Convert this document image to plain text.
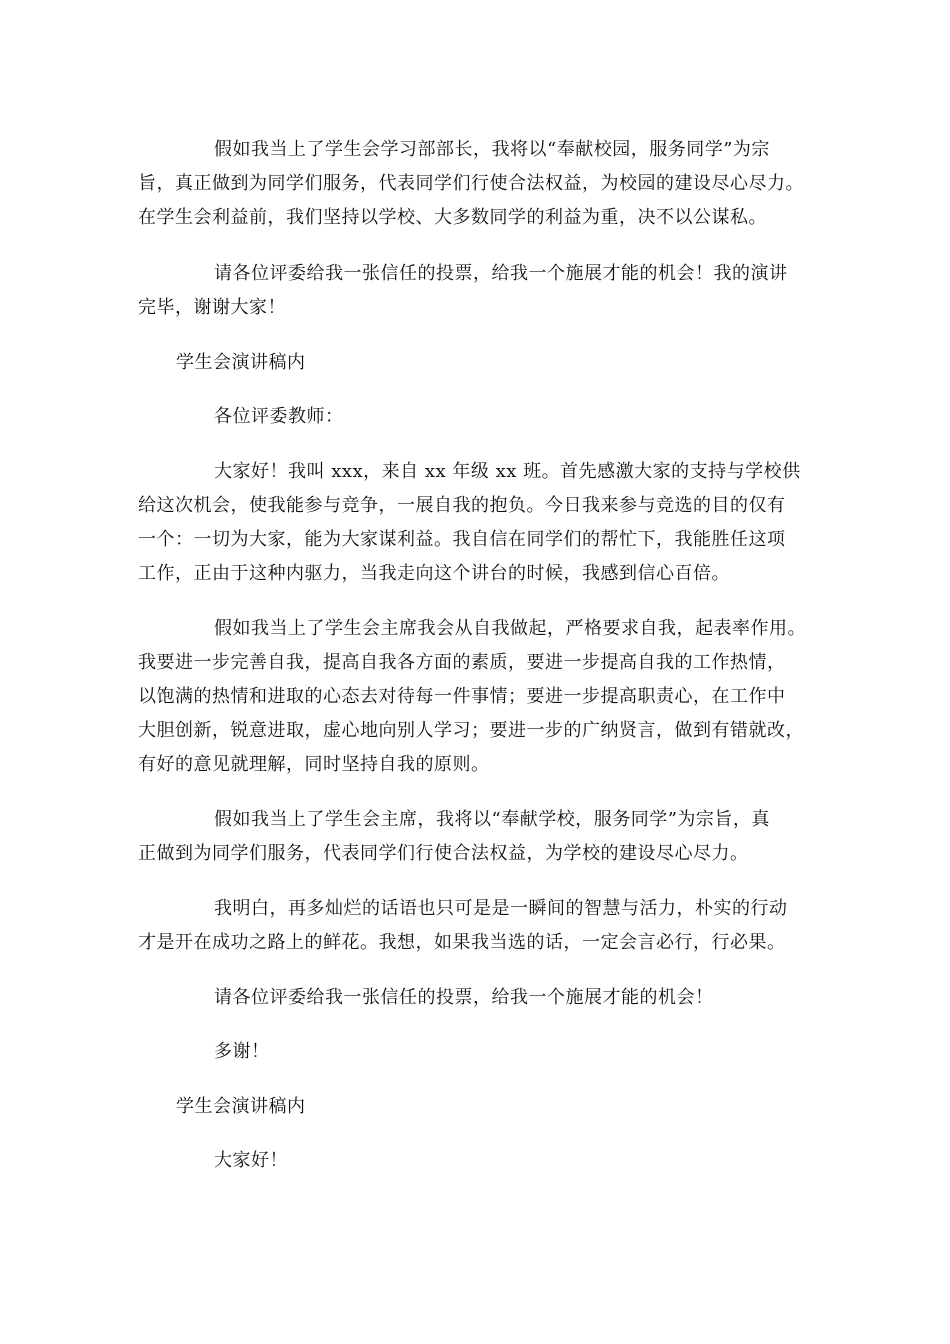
假如我当上了学生会学习部部长，我将以“奉献校园，服务同学”为宗

旨，真正做到为同学们服务，代表同学们行使合法权益，为校园的建设尽心尽力。

在学生会利益前，我们坚持以学校、大多数同学的利益为重，决不以公谋私。

请各位评委给我一张信任的投票，给我一个施展才能的机会！我的演讲

完毕，谢谢大家！

学生会演讲稿内

各位评委教师：

大家好！我叫 xxx，来自 xx 年级 xx 班。首先感激大家的支持与学校供

给这次机会，使我能参与竞争，一展自我的抱负。今日我来参与竞选的目的仅有

一个：一切为大家，能为大家谋利益。我自信在同学们的帮忙下，我能胜任这项

工作，正由于这种内驱力，当我走向这个讲台的时候，我感到信心百倍。

假如我当上了学生会主席我会从自我做起，严格要求自我，起表率作用。

我要进一步完善自我，提高自我各方面的素质，要进一步提高自我的工作热情，

以饱满的热情和进取的心态去对待每一件事情；要进一步提高职责心，在工作中

大胆创新，锐意进取，虚心地向别人学习；要进一步的广纳贤言，做到有错就改，

有好的意见就理解，同时坚持自我的原则。

假如我当上了学生会主席，我将以“奉献学校，服务同学”为宗旨，真

正做到为同学们服务，代表同学们行使合法权益，为学校的建设尽心尽力。

我明白，再多灿烂的话语也只可是是一瞬间的智慧与活力，朴实的行动

才是开在成功之路上的鲜花。我想，如果我当选的话，一定会言必行，行必果。

请各位评委给我一张信任的投票，给我一个施展才能的机会！

多谢！

学生会演讲稿内

大家好！
